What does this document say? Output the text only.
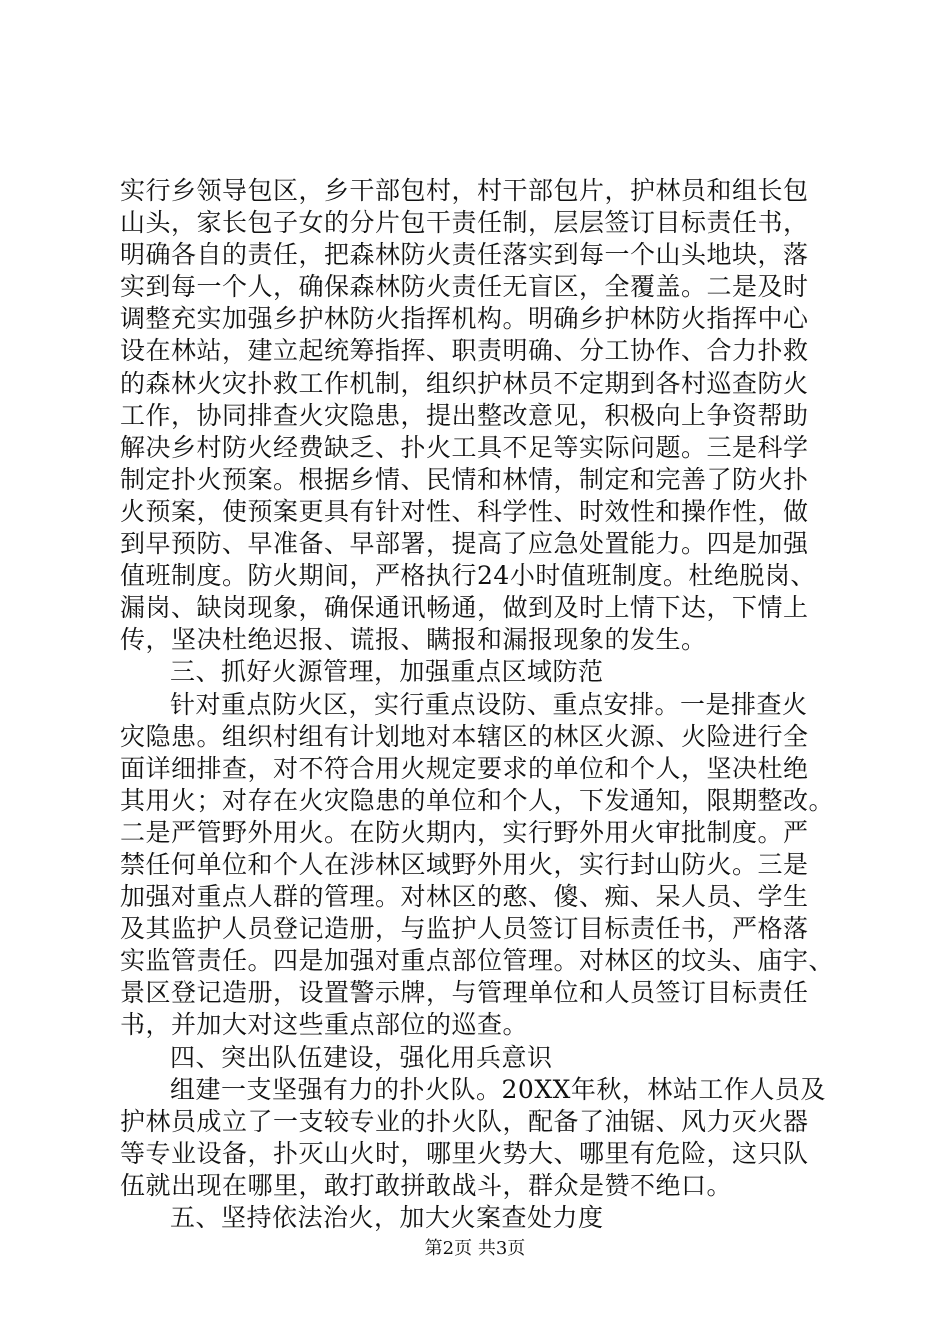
实行乡领导包区，乡干部包村，村干部包片，护林员和组长包
山头，家长包子女的分片包干责任制，层层签订目标责任书，
明确各自的责任，把森林防火责任落实到每一个山头地块，落
实到每一个人，确保森林防火责任无盲区，全覆盖。二是及时
调整充实加强乡护林防火指挥机构。明确乡护林防火指挥中心
设在林站，建立起统筹指挥、职责明确、分工协作、合力扑救
的森林火灾扑救工作机制，组织护林员不定期到各村巡查防火
工作，协同排查火灾隐患，提出整改意见，积极向上争资帮助
解决乡村防火经费缺乏、扑火工具不足等实际问题。三是科学
制定扑火预案。根据乡情、民情和林情，制定和完善了防火扑
火预案，使预案更具有针对性、科学性、时效性和操作性，做
到早预防、早准备、早部署，提高了应急处置能力。四是加强
值班制度。防火期间，严格执行24小时值班制度。杜绝脱岗、
漏岗、缺岗现象，确保通讯畅通，做到及时上情下达，下情上
传，坚决杜绝迟报、谎报、瞒报和漏报现象的发生。
三、抓好火源管理，加强重点区域防范
针对重点防火区，实行重点设防、重点安排。一是排查火
灾隐患。组织村组有计划地对本辖区的林区火源、火险进行全
面详细排查，对不符合用火规定要求的单位和个人，坚决杜绝
其用火；对存在火灾隐患的单位和个人，下发通知，限期整改。
二是严管野外用火。在防火期内，实行野外用火审批制度。严
禁任何单位和个人在涉林区域野外用火，实行封山防火。三是
加强对重点人群的管理。对林区的憨、傻、痴、呆人员、学生
及其监护人员登记造册，与监护人员签订目标责任书，严格落
实监管责任。四是加强对重点部位管理。对林区的坟头、庙宇、
景区登记造册，设置警示牌，与管理单位和人员签订目标责任
书，并加大对这些重点部位的巡查。
四、突出队伍建设，强化用兵意识
组建一支坚强有力的扑火队。20XX年秋，林站工作人员及
护林员成立了一支较专业的扑火队，配备了油锯、风力灭火器
等专业设备，扑灭山火时，哪里火势大、哪里有危险，这只队
伍就出现在哪里，敢打敢拼敢战斗，群众是赞不绝口。
五、坚持依法治火，加大火案查处力度
第2页 共3页
